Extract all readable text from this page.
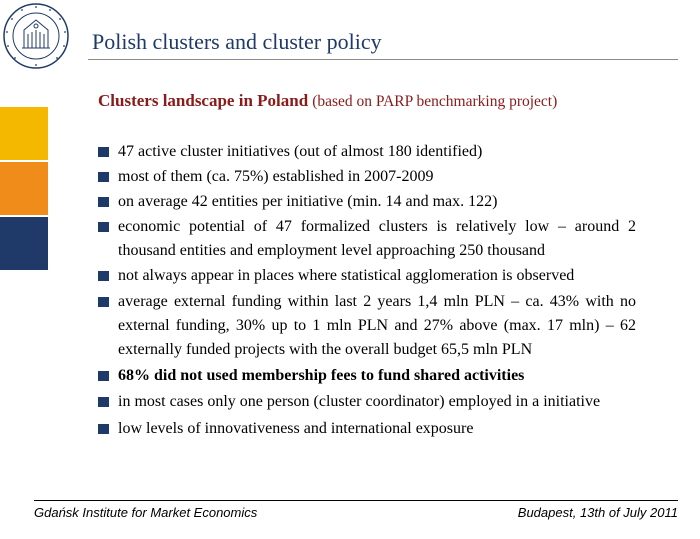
Polish clusters and cluster policy
Clusters landscape in Poland (based on PARP benchmarking project)
47 active cluster initiatives (out of almost 180 identified)
most of them (ca. 75%) established in 2007-2009
on average 42 entities per initiative (min. 14 and max. 122)
economic potential of 47 formalized clusters is relatively low – around 2 thousand entities and employment level approaching 250 thousand
not always appear in places where statistical agglomeration is observed
average external funding within last 2 years 1,4 mln PLN – ca. 43% with no external funding, 30% up to 1 mln PLN and 27% above (max. 17 mln) – 62 externally funded projects with the overall budget 65,5 mln PLN
68% did not used membership fees to fund shared activities
in most cases only one person (cluster coordinator) employed in a initiative
low levels of innovativeness and international exposure
Gdańsk Institute for Market Economics	Budapest, 13th of July 2011
